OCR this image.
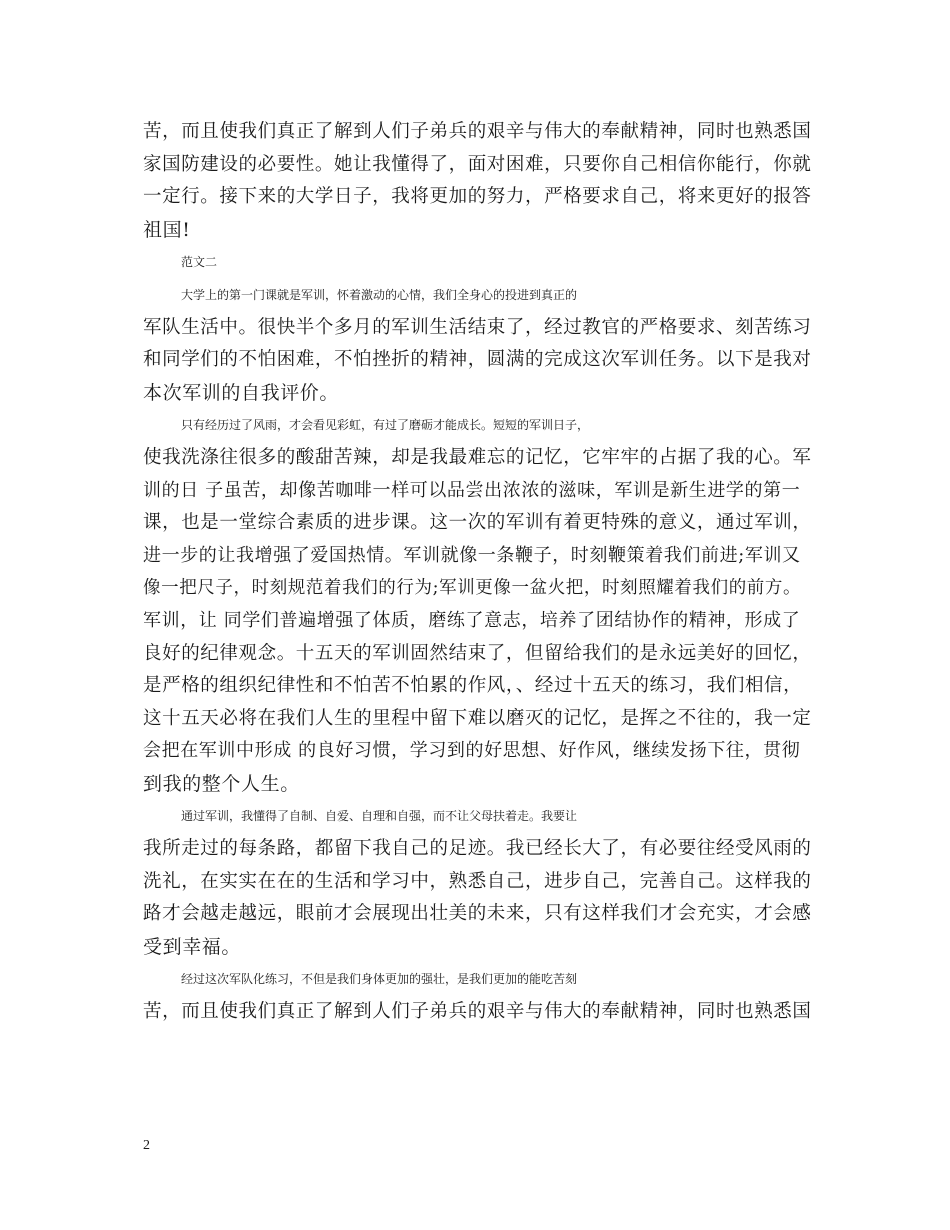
苦，而且使我们真正了解到人们子弟兵的艰辛与伟大的奉献精神，同时也熟悉国
家国防建设的必要性。她让我懂得了，面对困难，只要你自己相信你能行，你就
一定行。接下来的大学日子，我将更加的努力，严格要求自己，将来更好的报答
祖国!
范文二
大学上的第一门课就是军训，怀着激动的心情，我们全身心的投进到真正的
军队生活中。很快半个多月的军训生活结束了，经过教官的严格要求、刻苦练习
和同学们的不怕困难，不怕挫折的精神，圆满的完成这次军训任务。以下是我对
本次军训的自我评价。
只有经历过了风雨，才会看见彩虹，有过了磨砺才能成长。短短的军训日子，
使我洗涤往很多的酸甜苦辣，却是我最难忘的记忆，它牢牢的占据了我的心。军
训的日 子虽苦，却像苦咖啡一样可以品尝出浓浓的滋味，军训是新生进学的第一
课，也是一堂综合素质的进步课。这一次的军训有着更特殊的意义，通过军训，
进一步的让我增强了爱国热情。军训就像一条鞭子，时刻鞭策着我们前进;军训又
像一把尺子，时刻规范着我们的行为;军训更像一盆火把，时刻照耀着我们的前方。
军训，让 同学们普遍增强了体质，磨练了意志，培养了团结协作的精神，形成了
良好的纪律观念。十五天的军训固然结束了，但留给我们的是永远美好的回忆，
是严格的组织纪律性和不怕苦不怕累的作风，、经过十五天的练习，我们相信，
这十五天必将在我们人生的里程中留下难以磨灭的记忆，是挥之不往的，我一定
会把在军训中形成 的良好习惯，学习到的好思想、好作风，继续发扬下往，贯彻
到我的整个人生。
通过军训，我懂得了自制、自爱、自理和自强，而不让父母扶着走。我要让
我所走过的每条路，都留下我自己的足迹。我已经长大了，有必要往经受风雨的
洗礼，在实实在在的生活和学习中，熟悉自己，进步自己，完善自己。这样我的
路才会越走越远，眼前才会展现出壮美的未来，只有这样我们才会充实，才会感
受到幸福。
经过这次军队化练习，不但是我们身体更加的强壮，是我们更加的能吃苦刻
苦，而且使我们真正了解到人们子弟兵的艰辛与伟大的奉献精神，同时也熟悉国
2
